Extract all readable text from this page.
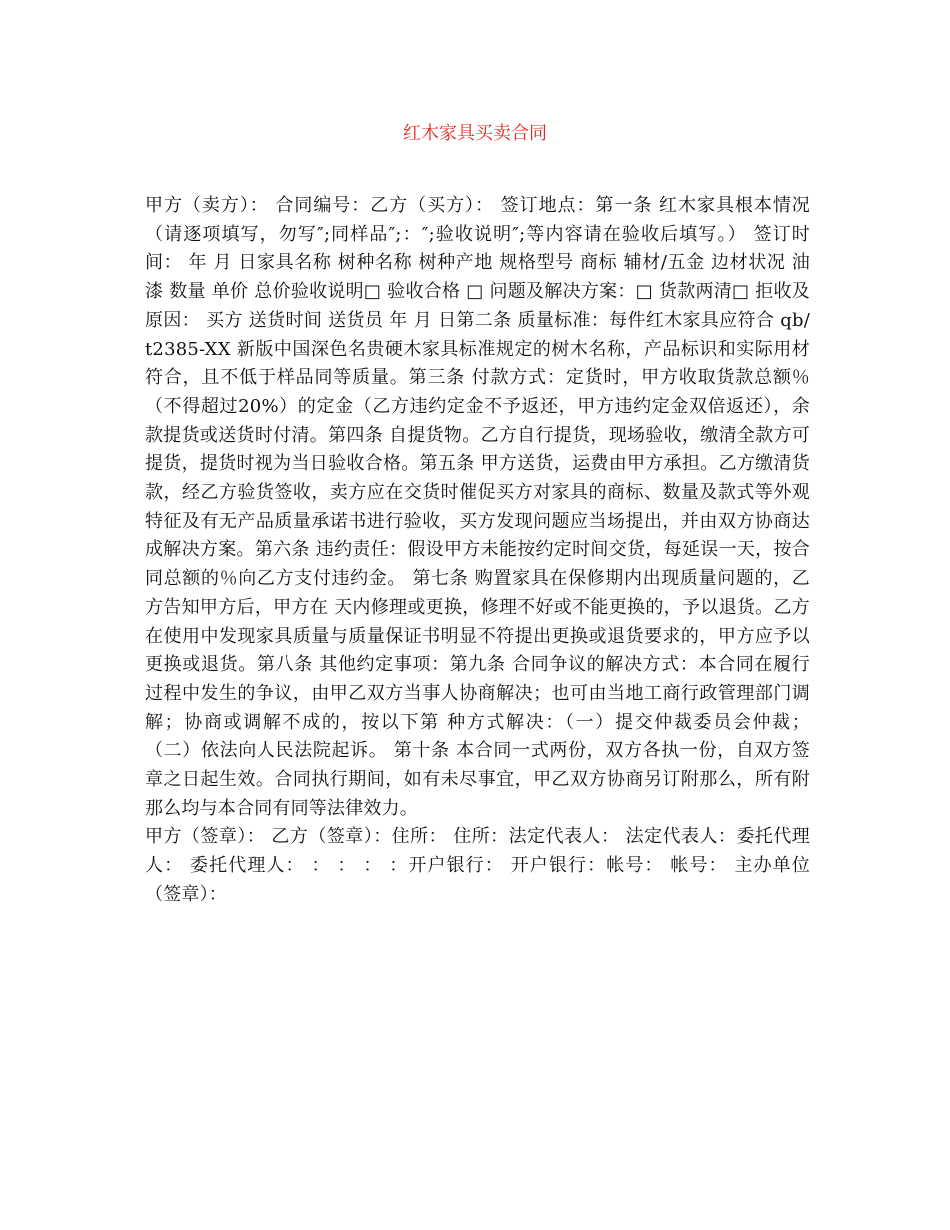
红木家具买卖合同

甲方（卖方）： 合同编号：乙方（买方）： 签订地点：第一条 红木家具根本情况 （请逐项填写，勿写″;同样品″;：″;验收说明″;等内容请在验收后填写。） 签订时间： 年 月 日家具名称 树种名称 树种产地 规格型号 商标 辅材/五金 边材状况 油漆 数量 单价 总价验收说明□ 验收合格 □ 问题及解决方案：□ 货款两清□ 拒收及原因： 买方 送货时间 送货员 年 月 日第二条 质量标准：每件红木家具应符合 qb/t2385-XX 新版中国深色名贵硬木家具标准规定的树木名称，产品标识和实际用材符合，且不低于样品同等质量。第三条 付款方式：定货时，甲方收取货款总额％（不得超过20%）的定金（乙方违约定金不予返还，甲方违约定金双倍返还），余款提货或送货时付清。第四条 自提货物。乙方自行提货，现场验收，缴清全款方可提货，提货时视为当日验收合格。第五条 甲方送货，运费由甲方承担。乙方缴清货款，经乙方验货签收，卖方应在交货时催促买方对家具的商标、数量及款式等外观特征及有无产品质量承诺书进行验收，买方发现问题应当场提出，并由双方协商达成解决方案。第六条 违约责任：假设甲方未能按约定时间交货，每延误一天，按合同总额的％向乙方支付违约金。 第七条 购置家具在保修期内出现质量问题的，乙方告知甲方后，甲方在 天内修理或更换，修理不好或不能更换的，予以退货。乙方在使用中发现家具质量与质量保证书明显不符提出更换或退货要求的，甲方应予以更换或退货。第八条 其他约定事项：第九条 合同争议的解决方式：本合同在履行过程中发生的争议，由甲乙双方当事人协商解决；也可由当地工商行政管理部门调解；协商或调解不成的，按以下第 种方式解决：（一）提交仲裁委员会仲裁； （二）依法向人民法院起诉。 第十条 本合同一式两份，双方各执一份，自双方签章之日起生效。合同执行期间，如有未尽事宜，甲乙双方协商另订附那么，所有附那么均与本合同有同等法律效力。

甲方（签章）： 乙方（签章）：住所： 住所：法定代表人： 法定代表人：委托代理人： 委托代理人： ： ： ： ：开户银行： 开户银行：帐号： 帐号： 主办单位（签章）：
